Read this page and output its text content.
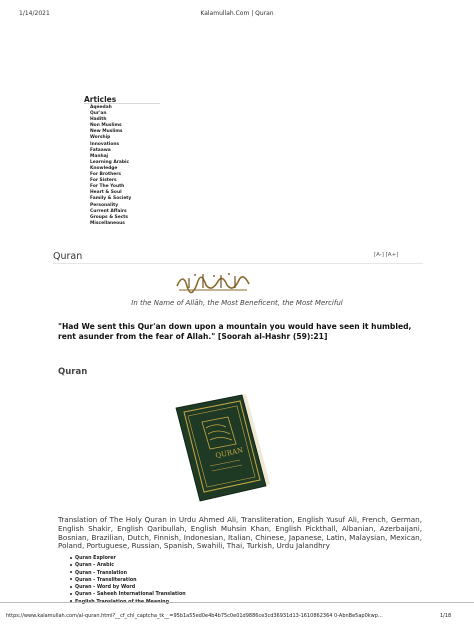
1/14/2021	Kalamullah.Com | Quran
Articles
Aqeedah
Qur'an
Hadith
Non Muslims
New Muslims
Worship
Innovations
Fataawa
Manhaj
Learning Arabic
Knowledge
For Brothers
For Sisters
For The Youth
Heart & Soul
Family & Society
Personality
Current Affairs
Groups & Sects
Miscellaneous
Quran	[A-] [A+]
In the Name of Allāh, the Most Beneficent, the Most Merciful
"Had We sent this Qur'an down upon a mountain you would have seen it humbled, rent asunder from the fear of Allah." [Soorah al-Hashr (59):21]
Quran
QURAN
Translation of The Holy Quran in Urdu Ahmed Ali, Transliteration, English Yusuf Ali, French, German, English Shakir, English Qaribullah, English Muhsin Khan, English Pickthall, Albanian, Azerbaijani, Bosnian, Brazilian, Dutch, Finnish, Indonesian, Italian, Chinese, Japanese, Latin, Malaysian, Mexican, Poland, Portuguese, Russian, Spanish, Swahili, Thai, Turkish, Urdu Jalandhry
Quran Explorer
Quran - Arabic
Quran - Translation
Quran - Transliteration
Quran - Word by Word
Quran - Saheeh International Translation
English Translation of the Meaning
https://www.kalamullah.com/al-quran.html?__cf_chl_captcha_tk__=95b1a55ed0e4b4b75c0e01d9886ce3cd36931d13-1610862364 0-AbnBe5ap0kwp...	1/18
